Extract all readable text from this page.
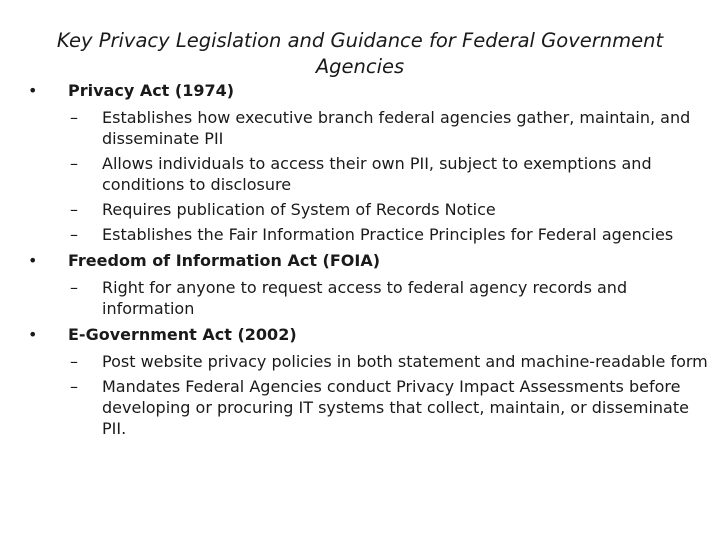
Key Privacy Legislation and Guidance for Federal Government Agencies
• Privacy Act (1974)
– Establishes how executive branch federal agencies gather, maintain, and disseminate PII
– Allows individuals to access their own PII, subject to exemptions and conditions to disclosure
– Requires publication of System of Records Notice
– Establishes the Fair Information Practice Principles for Federal agencies
• Freedom of Information Act (FOIA)
– Right for anyone to request access to federal agency records and information
• E-Government Act (2002)
– Post website privacy policies in both statement and machine-readable form
– Mandates Federal Agencies conduct Privacy Impact Assessments before developing or procuring IT systems that collect, maintain, or disseminate PII.
